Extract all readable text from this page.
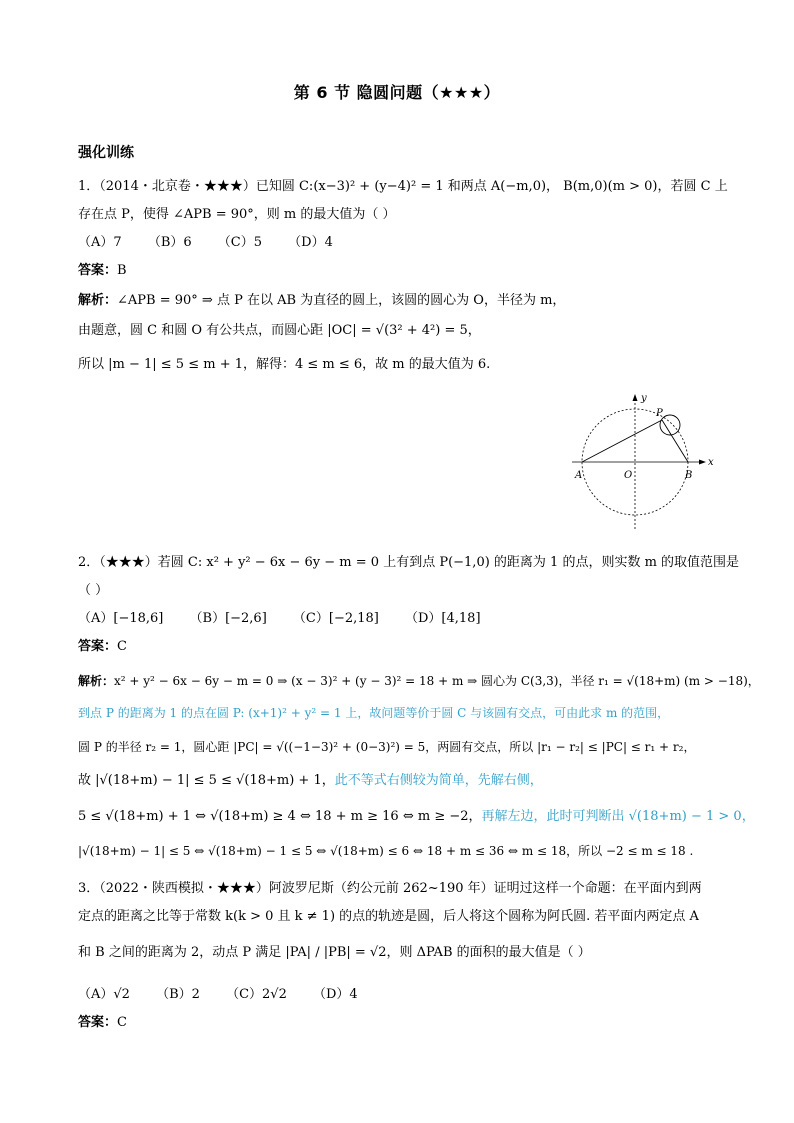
第 6 节 隐圆问题（★★★）
强化训练
1．（2014・北京卷・★★★）已知圆 C:(x−3)² + (y−4)² = 1 和两点 A(−m,0)， B(m,0)(m > 0)，若圆 C 上
存在点 P，使得 ∠APB = 90°，则 m 的最大值为（ ）
（A）7 （B）6 （C）5 （D）4
答案：B
解析：∠APB = 90° ⇒ 点 P 在以 AB 为直径的圆上，该圆的圆心为 O，半径为 m，
由题意，圆 C 和圆 O 有公共点，而圆心距 |OC| = √(3² + 4²) = 5，
所以 |m − 1| ≤ 5 ≤ m + 1，解得：4 ≤ m ≤ 6，故 m 的最大值为 6.
y
x
P
A	O	B
2．（★★★）若圆 C: x² + y² − 6x − 6y − m = 0 上有到点 P(−1,0) 的距离为 1 的点，则实数 m 的取值范围是
（ ）
（A）[−18,6] （B）[−2,6] （C）[−2,18] （D）[4,18]
答案：C
解析：x² + y² − 6x − 6y − m = 0 ⇒ (x − 3)² + (y − 3)² = 18 + m ⇒ 圆心为 C(3,3)，半径 r₁ = √(18+m) (m > −18)，
到点 P 的距离为 1 的点在圆 P: (x+1)² + y² = 1 上，故问题等价于圆 C 与该圆有交点，可由此求 m 的范围，
圆 P 的半径 r₂ = 1，圆心距 |PC| = √((−1−3)² + (0−3)²) = 5，两圆有交点，所以 |r₁ − r₂| ≤ |PC| ≤ r₁ + r₂，
故 |√(18+m) − 1| ≤ 5 ≤ √(18+m) + 1，此不等式右侧较为简单，先解右侧，
5 ≤ √(18+m) + 1 ⇔ √(18+m) ≥ 4 ⇔ 18 + m ≥ 16 ⇔ m ≥ −2，再解左边，此时可判断出 √(18+m) − 1 > 0，
|√(18+m) − 1| ≤ 5 ⇔ √(18+m) − 1 ≤ 5 ⇔ √(18+m) ≤ 6 ⇔ 18 + m ≤ 36 ⇔ m ≤ 18，所以 −2 ≤ m ≤ 18 .
3．（2022・陕西模拟・★★★）阿波罗尼斯（约公元前 262~190 年）证明过这样一个命题：在平面内到两
定点的距离之比等于常数 k(k > 0 且 k ≠ 1) 的点的轨迹是圆，后人将这个圆称为阿氏圆. 若平面内两定点 A
和 B 之间的距离为 2，动点 P 满足 |PA| / |PB| = √2，则 ΔPAB 的面积的最大值是（ ）
（A）√2 （B）2 （C）2√2 （D）4
答案：C
